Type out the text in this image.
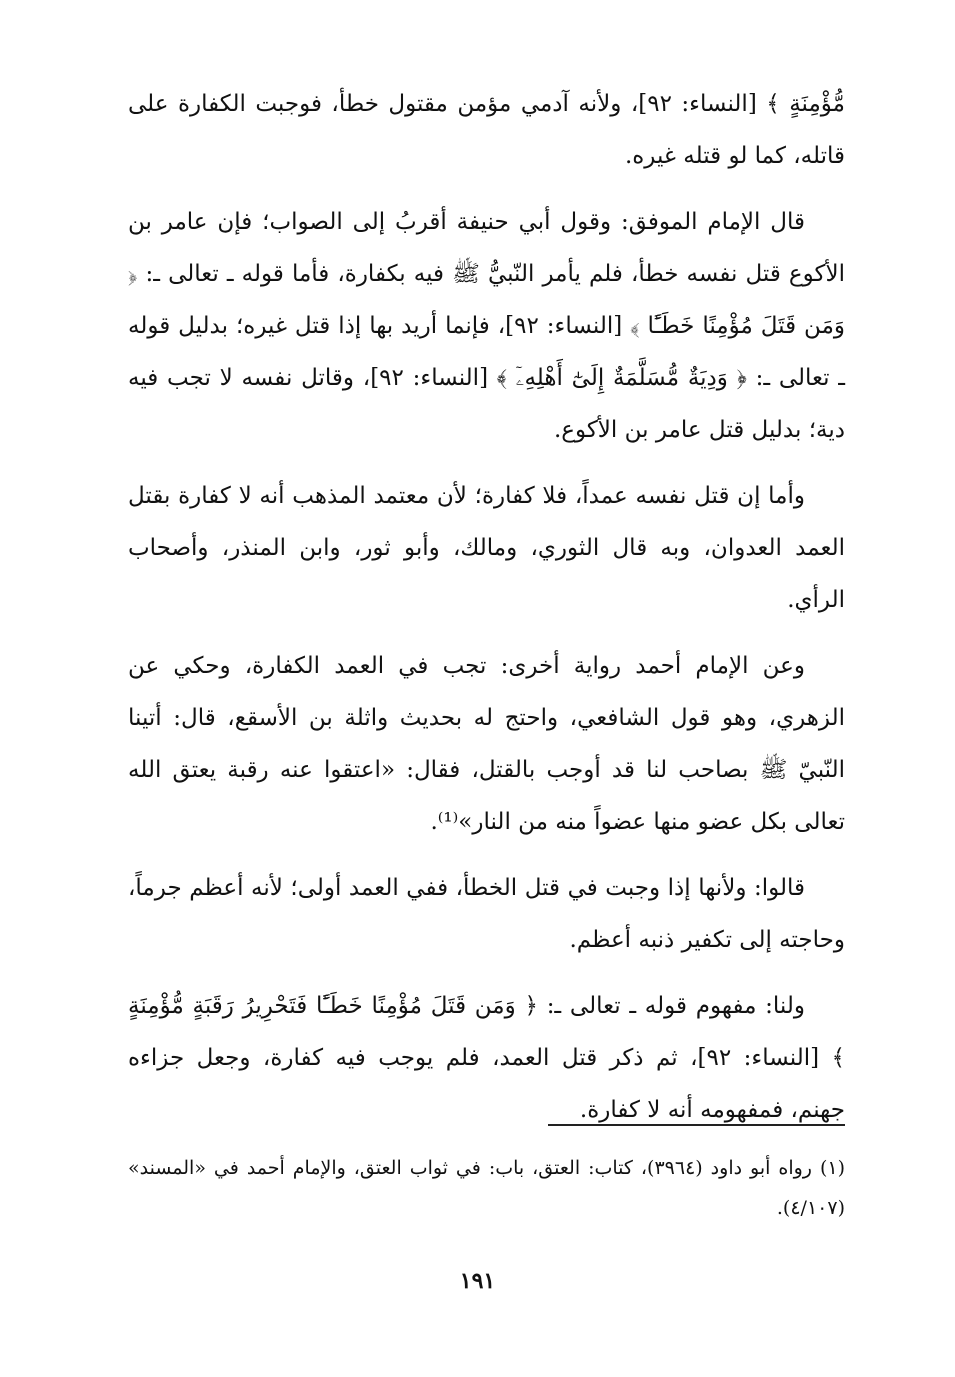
مُّؤْمِنَةٍ ﴾ [النساء: ٩٢]، ولأنه آدمي مؤمن مقتول خطأ، فوجبت الكفارة على قاتله، كما لو قتله غيره.

قال الإمام الموفق: وقول أبي حنيفة أقربُ إلى الصواب؛ فإن عامر بن الأكوع قتل نفسه خطأ، فلم يأمر النّبيُّ ﷺ فيه بكفارة، فأما قوله ـ تعالى ـ: ﴿ وَمَن قَتَلَ مُؤْمِنًا خَطَـًٔا ﴾ [النساء: ٩٢]، فإنما أريد بها إذا قتل غيره؛ بدليل قوله ـ تعالى ـ: ﴿ وَدِيَةٌ مُّسَلَّمَةٌ إِلَىٰٓ أَهْلِهِۦٓ ﴾ [النساء: ٩٢]، وقاتل نفسه لا تجب فيه دية؛ بدليل قتل عامر بن الأكوع.

وأما إن قتل نفسه عمداً، فلا كفارة؛ لأن معتمد المذهب أنه لا كفارة بقتل العمد العدوان، وبه قال الثوري، ومالك، وأبو ثور، وابن المنذر، وأصحاب الرأي.

وعن الإمام أحمد رواية أخرى: تجب في العمد الكفارة، وحكي عن الزهري، وهو قول الشافعي، واحتج له بحديث واثلة بن الأسقع، قال: أتينا النّبيّ ﷺ بصاحب لنا قد أوجب بالقتل، فقال: «اعتقوا عنه رقبة يعتق الله تعالى بكل عضو منها عضواً منه من النار»⁽¹⁾.

قالوا: ولأنها إذا وجبت في قتل الخطأ، ففي العمد أولى؛ لأنه أعظم جرماً، وحاجته إلى تكفير ذنبه أعظم.

ولنا: مفهوم قوله ـ تعالى ـ: ﴿ وَمَن قَتَلَ مُؤْمِنًا خَطَـًٔا فَتَحْرِيرُ رَقَبَةٍ مُّؤْمِنَةٍ ﴾ [النساء: ٩٢]، ثم ذكر قتل العمد، فلم يوجب فيه كفارة، وجعل جزاءه جهنم، فمفهومه أنه لا كفارة.

(١) رواه أبو داود (٣٩٦٤)، كتاب: العتق، باب: في ثواب العتق، والإمام أحمد في «المسند» (٤/١٠٧).

١٩١
